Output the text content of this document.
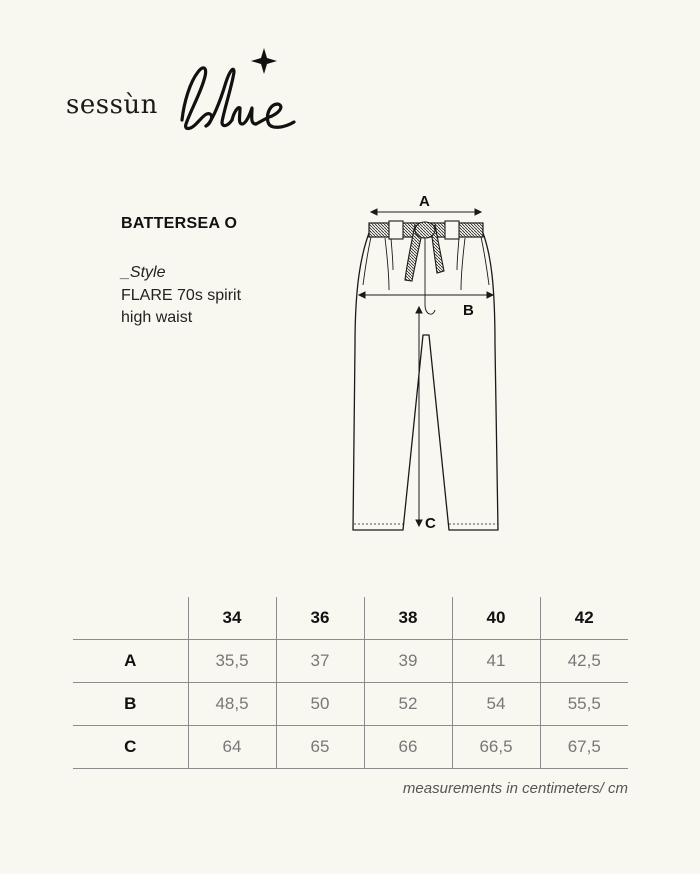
sessùn
BATTERSEA O
_Style
FLARE 70s spirit
high waist
A
B
C
	34	36	38	40	42
A	35,5	37	39	41	42,5
B	48,5	50	52	54	55,5
C	64	65	66	66,5	67,5
measurements in centimeters/ cm
